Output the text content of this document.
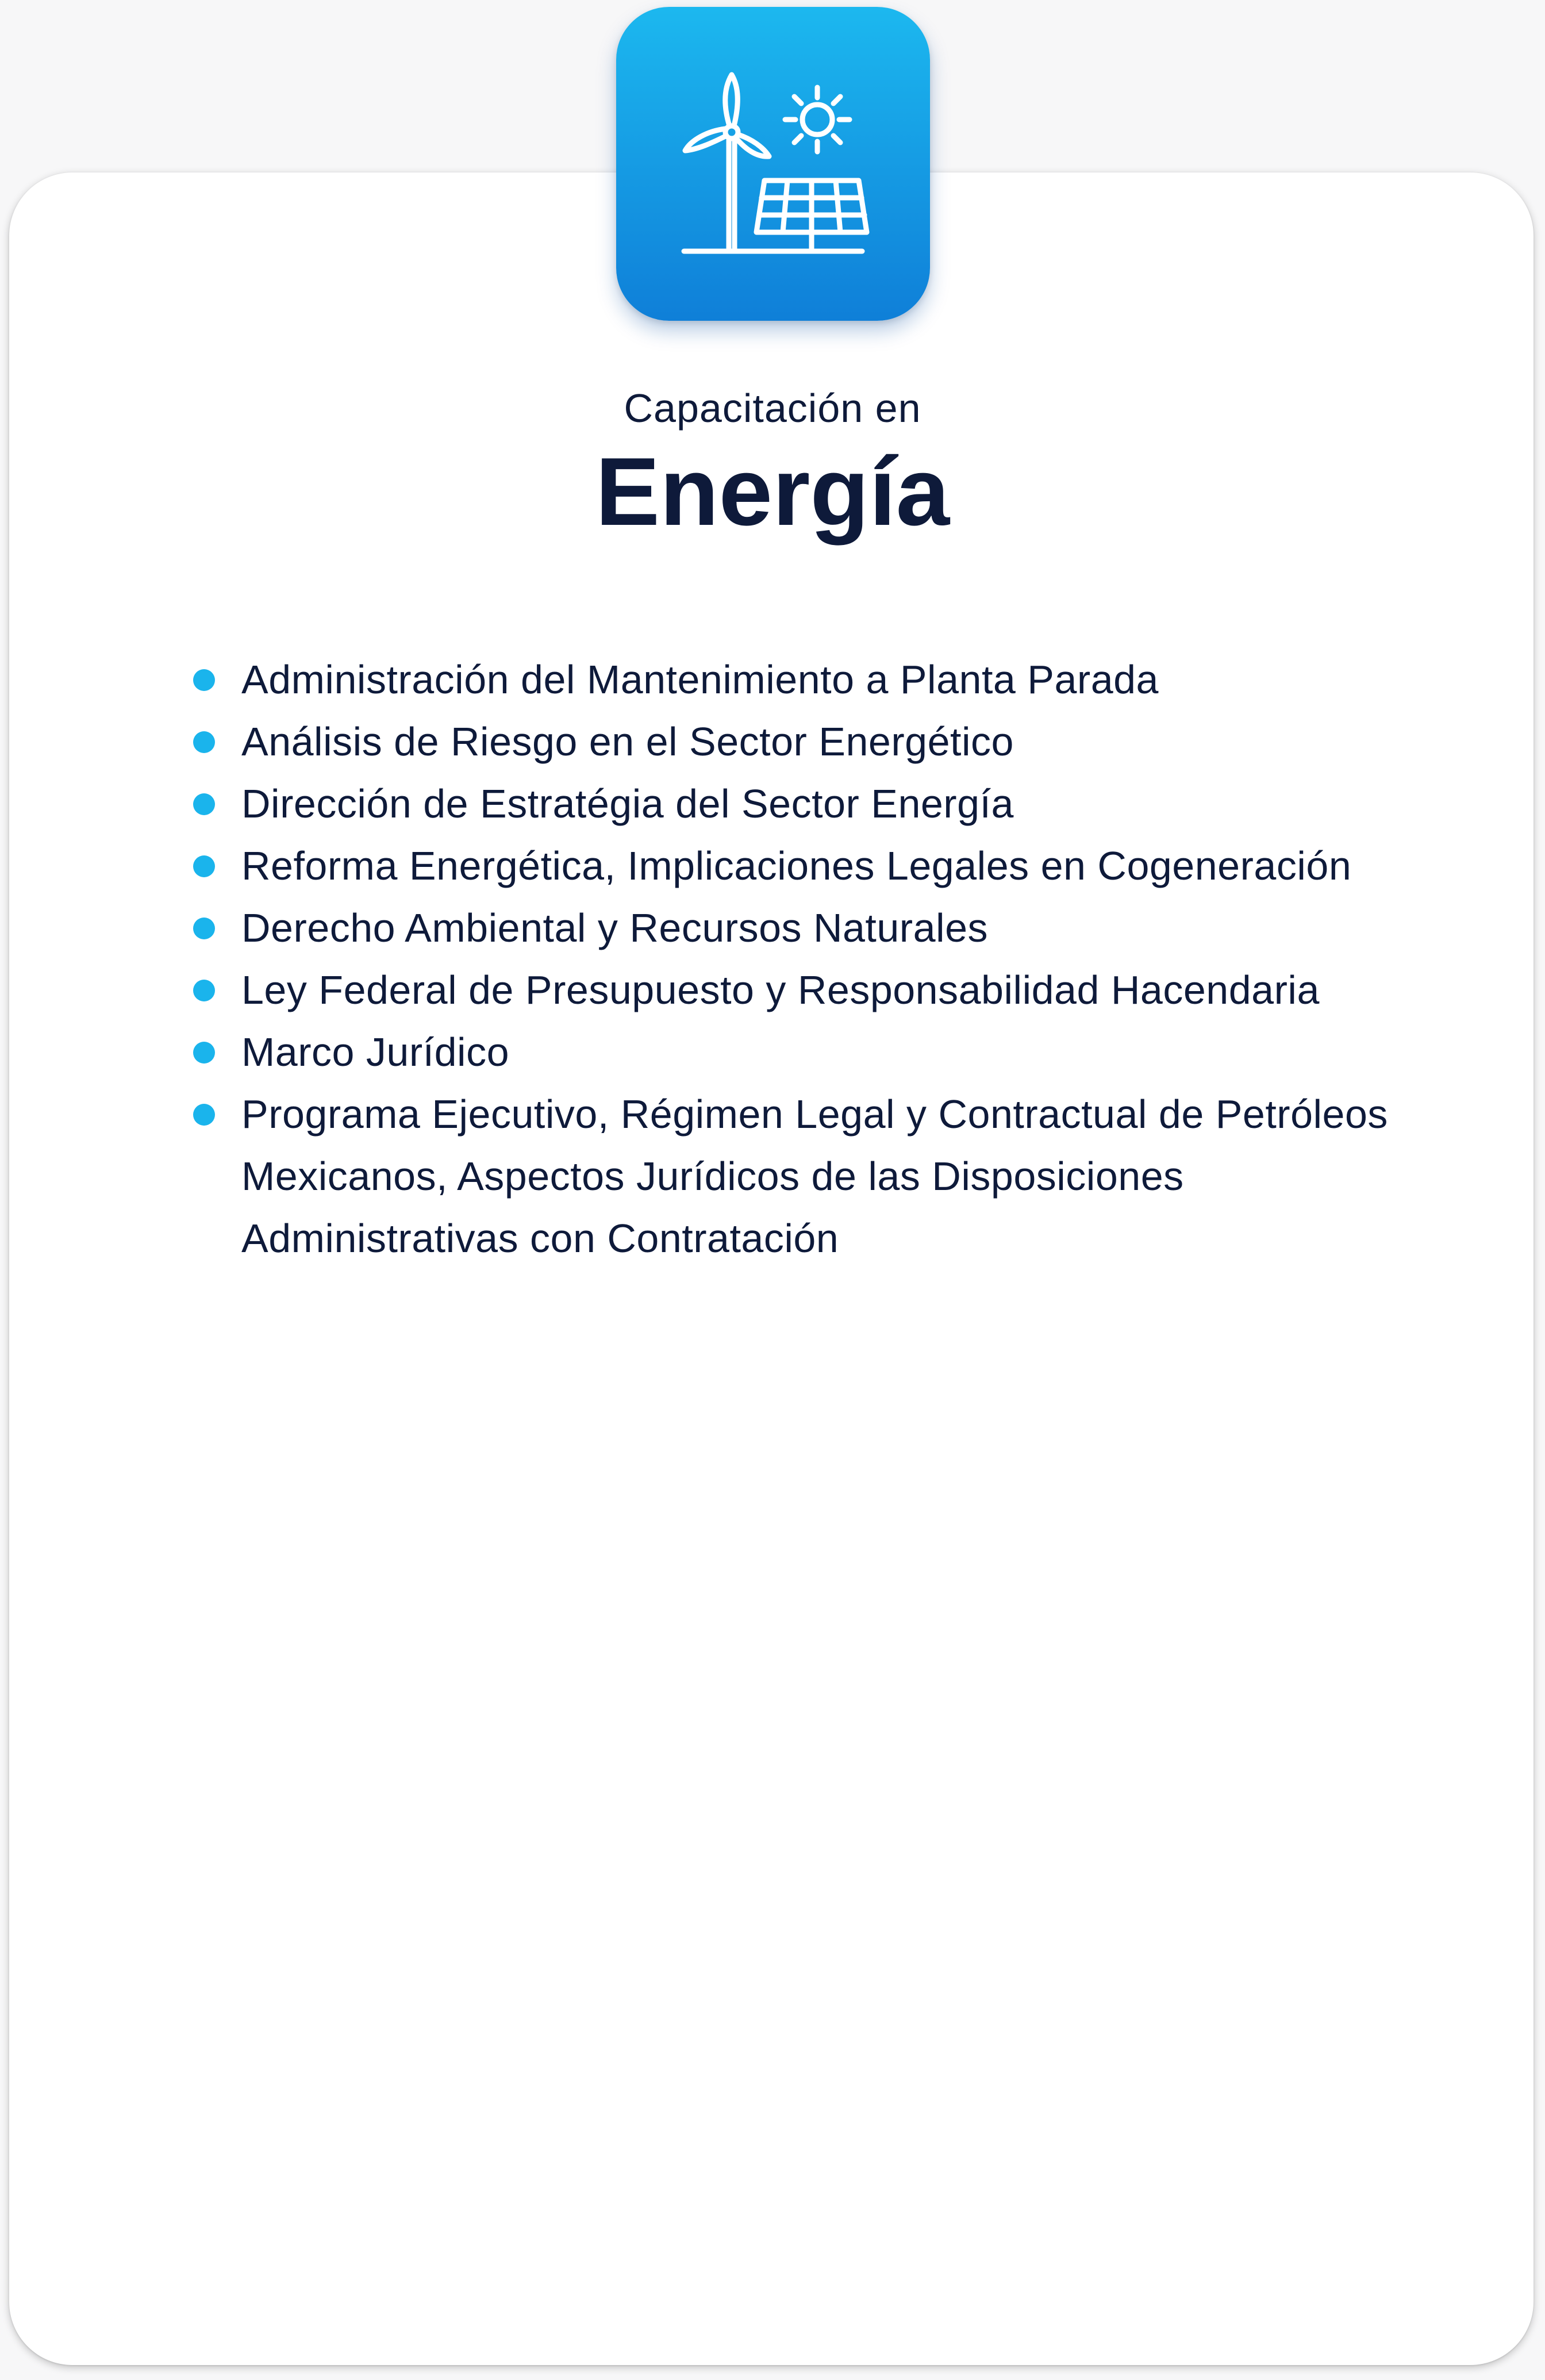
Capacitación en
Energía
Administración del Mantenimiento a Planta Parada
Análisis de Riesgo en el Sector Energético
Dirección de Estratégia del Sector Energía
Reforma Energética, Implicaciones Legales en Cogeneración
Derecho Ambiental y Recursos Naturales
Ley Federal de Presupuesto y Responsabilidad Hacendaria
Marco Jurídico
Programa Ejecutivo, Régimen Legal y Contractual de Petróleos Mexicanos, Aspectos Jurídicos de las Disposiciones Administrativas con Contratación
